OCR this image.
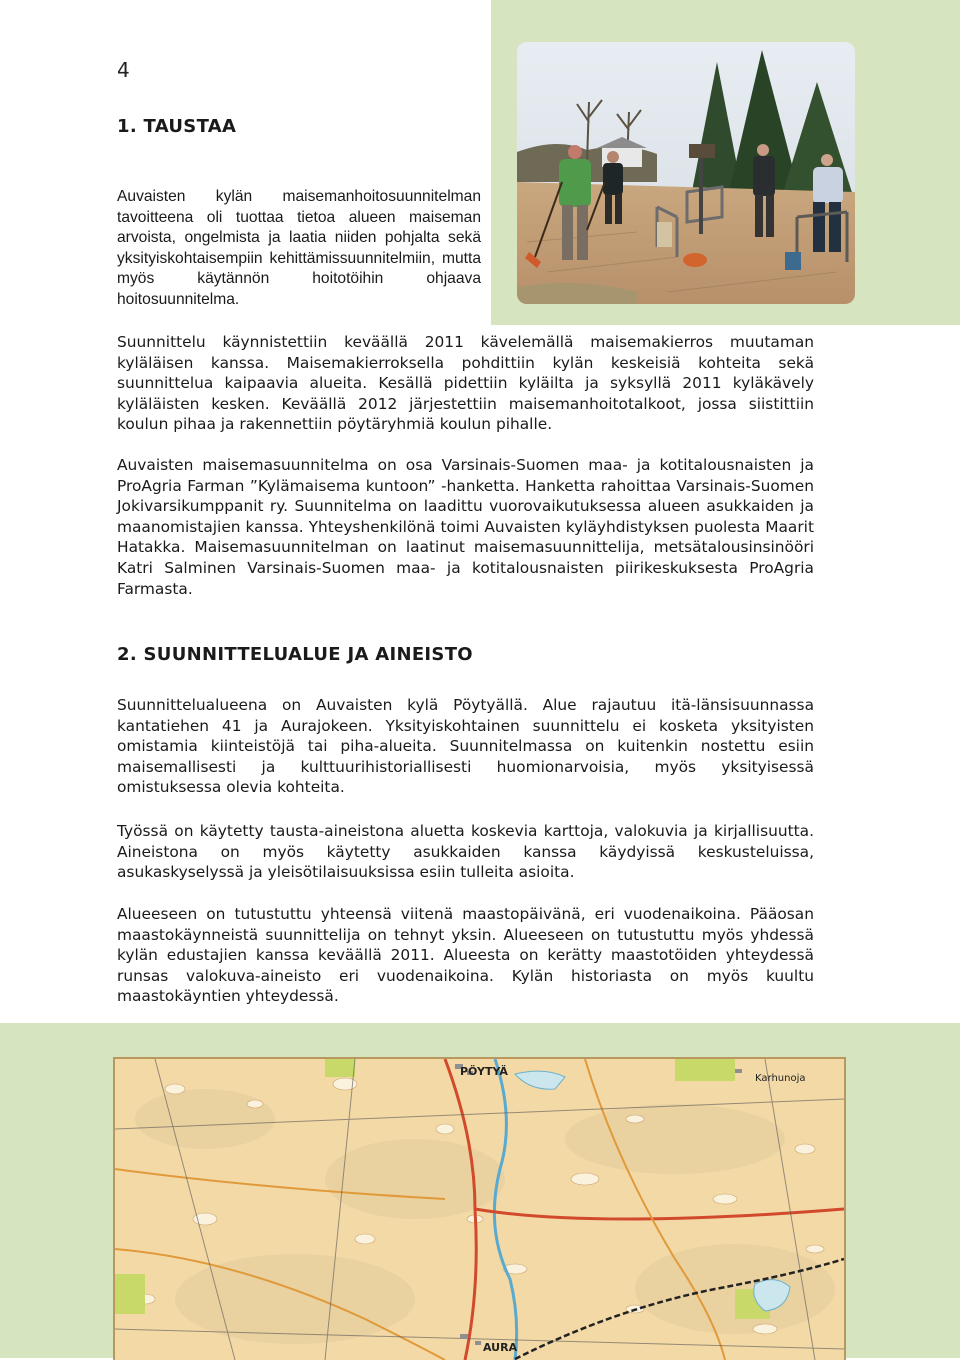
4
1. TAUSTAA

Auvaisten kylän maisemanhoitosuunnitelman tavoitteena oli tuottaa tietoa alueen maiseman arvoista, ongelmista ja laatia niiden pohjalta sekä yksityiskohtaisempiin kehittämissuunnitelmiin, mutta myös käytännön hoitotöihin ohjaava hoitosuunnitelma.

Suunnittelu käynnistettiin keväällä 2011 kävelemällä maisemakierros muutaman kyläläisen kanssa. Maisemakierroksella pohdittiin kylän keskeisiä kohteita sekä suunnittelua kaipaavia alueita. Kesällä pidettiin kyläilta ja syksyllä 2011 kyläkävely kyläläisten kesken. Keväällä 2012 järjestettiin maisemanhoitotalkoot, jossa siistittiin koulun pihaa ja rakennettiin pöytäryhmiä koulun pihalle.

Auvaisten maisemasuunnitelma on osa Varsinais-Suomen maa- ja kotitalousnaisten ja ProAgria Farman ”Kylämaisema kuntoon” -hanketta. Hanketta rahoittaa Varsinais-Suomen Jokivarsikumppanit ry. Suunnitelma on laadittu vuorovaikutuksessa alueen asukkaiden ja maanomistajien kanssa. Yhteyshenkilönä toimi Auvaisten kyläyhdistyksen puolesta Maarit Hatakka. Maisemasuunnitelman on laatinut maisemasuunnittelija, metsätalousinsinööri Katri Salminen Varsinais-Suomen maa- ja kotitalousnaisten piirikeskuksesta ProAgria Farmasta.

2. SUUNNITTELUALUE JA AINEISTO

Suunnittelualueena on Auvaisten kylä Pöytyällä. Alue rajautuu itä-länsisuunnassa kantatiehen 41 ja Aurajokeen. Yksityiskohtainen suunnittelu ei kosketa yksityisten omistamia kiinteistöjä tai piha-alueita. Suunnitelmassa on kuitenkin nostettu esiin maisemallisesti ja kulttuurihistoriallisesti huomionarvoisia, myös yksityisessä omistuksessa olevia kohteita.

Työssä on käytetty tausta-aineistona aluetta koskevia karttoja, valokuvia ja kirjallisuutta. Aineistona on myös käytetty asukkaiden kanssa käydyissä keskusteluissa, asukaskyselyssä ja yleisötilaisuuksissa esiin tulleita asioita.

Alueeseen on tutustuttu yhteensä viitenä maastopäivänä, eri vuodenaikoina. Pääosan maastokäynneistä suunnittelija on tehnyt yksin. Alueeseen on tutustuttu myös yhdessä kylän edustajien kanssa keväällä 2011. Alueesta on kerätty maastotöiden yhteydessä runsas valokuva-aineisto eri vuodenaikoina. Kylän historiasta on myös kuultu maastokäyntien yhteydessä.

PÖYTYÄ
Karhunoja
AURA
